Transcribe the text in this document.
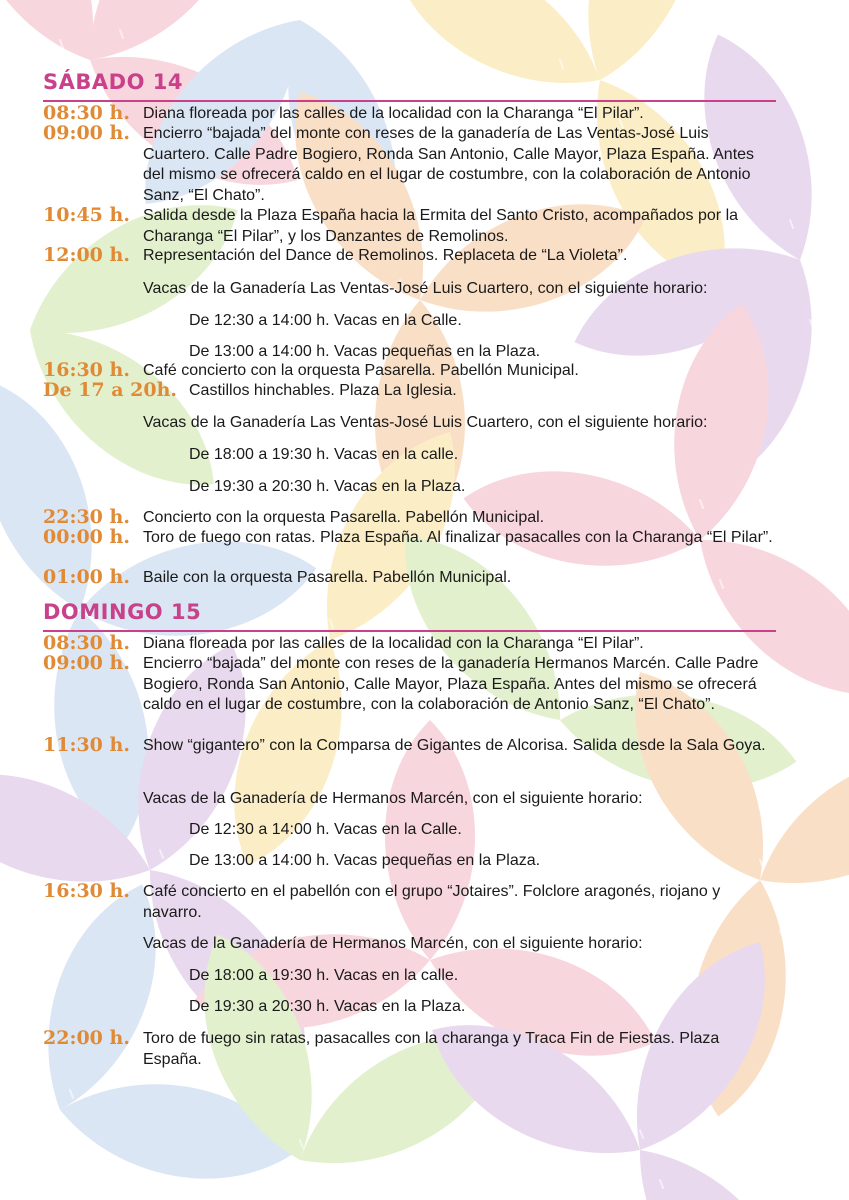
SÁBADO 14
08:30 h. Diana floreada por las calles de la localidad con la Charanga “El Pilar”.

09:00 h. Encierro “bajada” del monte con reses de la ganadería de Las Ventas-José Luis Cuartero. Calle Padre Bogiero, Ronda San Antonio, Calle Mayor, Plaza España. Antes del mismo se ofrecerá caldo en el lugar de costumbre, con la colaboración de Antonio Sanz, “El Chato”.

10:45 h. Salida desde la Plaza España hacia la Ermita del Santo Cristo, acompañados por la Charanga “El Pilar”, y los Danzantes de Remolinos.

12:00 h. Representación del Dance de Remolinos. Replaceta de “La Violeta”.

Vacas de la Ganadería Las Ventas-José Luis Cuartero, con el siguiente horario:

De 12:30 a 14:00 h. Vacas en la Calle.

De 13:00 a 14:00 h. Vacas pequeñas en la Plaza.

16:30 h. Café concierto con la orquesta Pasarella. Pabellón Municipal.

De 17 a 20h. Castillos hinchables. Plaza La Iglesia.

Vacas de la Ganadería Las Ventas-José Luis Cuartero, con el siguiente horario:

De 18:00 a 19:30 h. Vacas en la calle.

De 19:30 a 20:30 h. Vacas en la Plaza.

22:30 h. Concierto con la orquesta Pasarella. Pabellón Municipal.

00:00 h. Toro de fuego con ratas. Plaza España. Al finalizar pasacalles con la Charanga “El Pilar”.

01:00 h. Baile con la orquesta Pasarella. Pabellón Municipal.

DOMINGO 15
08:30 h. Diana floreada por las calles de la localidad con la Charanga “El Pilar”.

09:00 h. Encierro “bajada” del monte con reses de la ganadería Hermanos Marcén. Calle Padre Bogiero, Ronda San Antonio, Calle Mayor, Plaza España. Antes del mismo se ofrecerá caldo en el lugar de costumbre, con la colaboración de Antonio Sanz, “El Chato”.

11:30 h. Show “gigantero” con la Comparsa de Gigantes de Alcorisa. Salida desde la Sala Goya.

Vacas de la Ganadería de Hermanos Marcén, con el siguiente horario:

De 12:30 a 14:00 h. Vacas en la Calle.

De 13:00 a 14:00 h. Vacas pequeñas en la Plaza.

16:30 h. Café concierto en el pabellón con el grupo “Jotaires”. Folclore aragonés, riojano y navarro.

Vacas de la Ganadería de Hermanos Marcén, con el siguiente horario:

De 18:00 a 19:30 h. Vacas en la calle.

De 19:30 a 20:30 h. Vacas en la Plaza.

22:00 h. Toro de fuego sin ratas, pasacalles con la charanga y Traca Fin de Fiestas. Plaza España.
